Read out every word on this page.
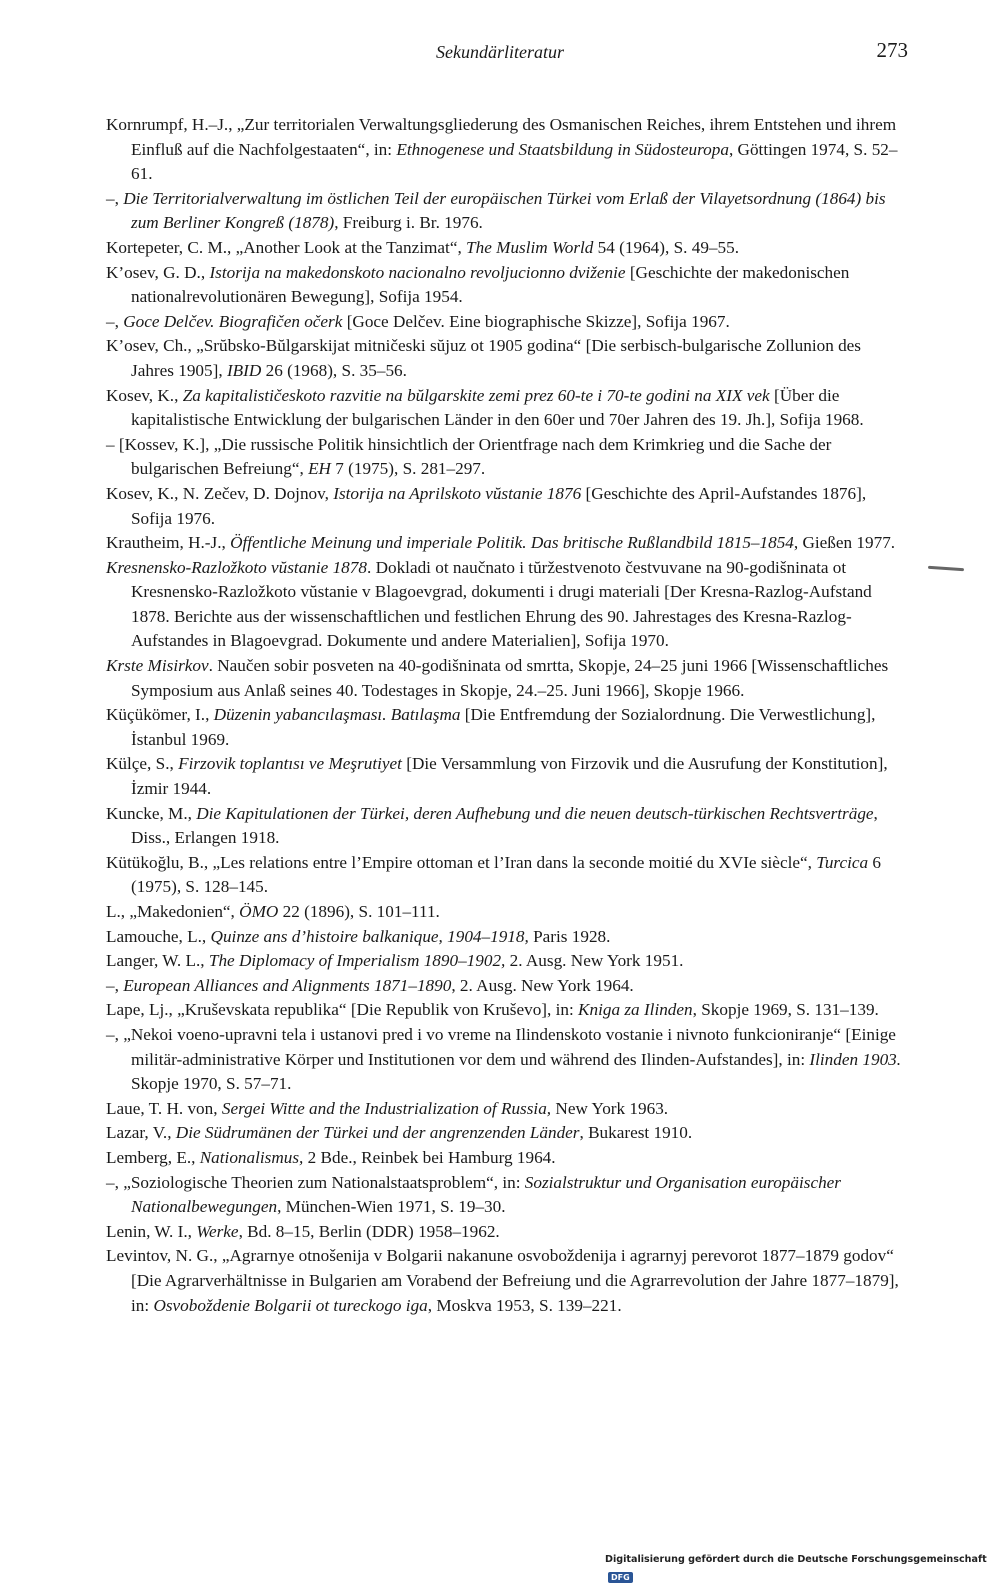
Sekundärliteratur	273

Kornrumpf, H.–J., „Zur territorialen Verwaltungsgliederung des Osmanischen Reiches, ihrem Entstehen und ihrem Einfluß auf die Nachfolgestaaten“, in: Ethnogenese und Staatsbildung in Südosteuropa, Göttingen 1974, S. 52–61.

–, Die Territorialverwaltung im östlichen Teil der europäischen Türkei vom Erlaß der Vilayetsordnung (1864) bis zum Berliner Kongreß (1878), Freiburg i. Br. 1976.

Kortepeter, C. M., „Another Look at the Tanzimat“, The Muslim World 54 (1964), S. 49–55.

K’osev, G. D., Istorija na makedonskoto nacionalno revoljucionno dviženie [Geschichte der makedonischen nationalrevolutionären Bewegung], Sofija 1954.

–, Goce Delčev. Biografičen očerk [Goce Delčev. Eine biographische Skizze], Sofija 1967.

K’osev, Ch., „Srŭbsko-Bŭlgarskijat mitničeski sŭjuz ot 1905 godina“ [Die serbisch-bulgarische Zollunion des Jahres 1905], IBID 26 (1968), S. 35–56.

Kosev, K., Za kapitalističeskoto razvitie na bŭlgarskite zemi prez 60-te i 70-te godini na XIX vek [Über die kapitalistische Entwicklung der bulgarischen Länder in den 60er und 70er Jahren des 19. Jh.], Sofija 1968.

– [Kossev, K.], „Die russische Politik hinsichtlich der Orientfrage nach dem Krimkrieg und die Sache der bulgarischen Befreiung“, EH 7 (1975), S. 281–297.

Kosev, K., N. Zečev, D. Dojnov, Istorija na Aprilskoto vŭstanie 1876 [Geschichte des April-Aufstandes 1876], Sofija 1976.

Krautheim, H.-J., Öffentliche Meinung und imperiale Politik. Das britische Rußlandbild 1815–1854, Gießen 1977.

Kresnensko-Razložkoto vŭstanie 1878. Dokladi ot naučnato i tŭržestvenoto čestvuvane na 90-godišninata ot Kresnensko-Razložkoto vŭstanie v Blagoevgrad, dokumenti i drugi materiali [Der Kresna-Razlog-Aufstand 1878. Berichte aus der wissenschaftlichen und festlichen Ehrung des 90. Jahrestages des Kresna-Razlog-Aufstandes in Blagoevgrad. Dokumente und andere Materialien], Sofija 1970.

Krste Misirkov. Naučen sobir posveten na 40-godišninata od smrtta, Skopje, 24–25 juni 1966 [Wissenschaftliches Symposium aus Anlaß seines 40. Todestages in Skopje, 24.–25. Juni 1966], Skopje 1966.

Küçükömer, I., Düzenin yabancılaşması. Batılaşma [Die Entfremdung der Sozialordnung. Die Verwestlichung], İstanbul 1969.

Külçe, S., Firzovik toplantısı ve Meşrutiyet [Die Versammlung von Firzovik und die Ausrufung der Konstitution], İzmir 1944.

Kuncke, M., Die Kapitulationen der Türkei, deren Aufhebung und die neuen deutsch-türkischen Rechtsverträge, Diss., Erlangen 1918.

Kütükoğlu, B., „Les relations entre l’Empire ottoman et l’Iran dans la seconde moitié du XVIe siècle“, Turcica 6 (1975), S. 128–145.

L., „Makedonien“, ÖMO 22 (1896), S. 101–111.

Lamouche, L., Quinze ans d’histoire balkanique, 1904–1918, Paris 1928.

Langer, W. L., The Diplomacy of Imperialism 1890–1902, 2. Ausg. New York 1951.

–, European Alliances and Alignments 1871–1890, 2. Ausg. New York 1964.

Lape, Lj., „Kruševskata republika“ [Die Republik von Kruševo], in: Kniga za Ilinden, Skopje 1969, S. 131–139.

–, „Nekoi voeno-upravni tela i ustanovi pred i vo vreme na Ilindenskoto vostanie i nivnoto funkcioniranje“ [Einige militär-administrative Körper und Institutionen vor dem und während des Ilinden-Aufstandes], in: Ilinden 1903. Skopje 1970, S. 57–71.

Laue, T. H. von, Sergei Witte and the Industrialization of Russia, New York 1963.

Lazar, V., Die Südrumänen der Türkei und der angrenzenden Länder, Bukarest 1910.

Lemberg, E., Nationalismus, 2 Bde., Reinbek bei Hamburg 1964.

–, „Soziologische Theorien zum Nationalstaatsproblem“, in: Sozialstruktur und Organisation europäischer Nationalbewegungen, München-Wien 1971, S. 19–30.

Lenin, W. I., Werke, Bd. 8–15, Berlin (DDR) 1958–1962.

Levintov, N. G., „Agrarnye otnošenija v Bolgarii nakanune osvoboždenija i agrarnyj perevorot 1877–1879 godov“ [Die Agrarverhältnisse in Bulgarien am Vorabend der Befreiung und die Agrarrevolution der Jahre 1877–1879], in: Osvoboždenie Bolgarii ot tureckogo iga, Moskva 1953, S. 139–221.

Digitalisierung gefördert durch die Deutsche Forschungsgemeinschaft DFG
